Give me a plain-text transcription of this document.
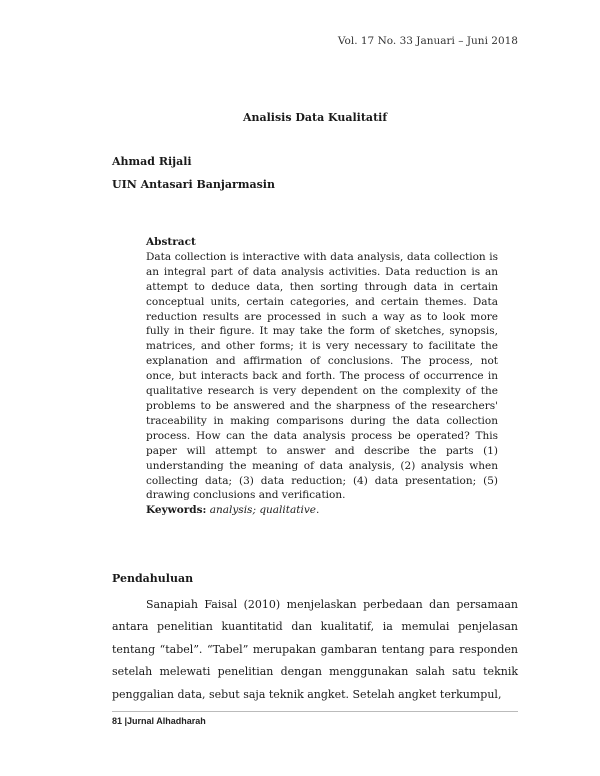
Vol. 17 No. 33 Januari – Juni 2018
Analisis Data Kualitatif
Ahmad Rijali
UIN Antasari Banjarmasin

Abstract

Data collection is interactive with data analysis, data collection is an integral part of data analysis activities. Data reduction is an attempt to deduce data, then sorting through data in certain conceptual units, certain categories, and certain themes. Data reduction results are processed in such a way as to look more fully in their figure. It may take the form of sketches, synopsis, matrices, and other forms; it is very necessary to facilitate the explanation and affirmation of conclusions. The process, not once, but interacts back and forth. The process of occurrence in qualitative research is very dependent on the complexity of the problems to be answered and the sharpness of the researchers' traceability in making comparisons during the data collection process. How can the data analysis process be operated? This paper will attempt to answer and describe the parts (1) understanding the meaning of data analysis, (2) analysis when collecting data; (3) data reduction; (4) data presentation; (5) drawing conclusions and verification.

Keywords: analysis; qualitative.

Pendahuluan

Sanapiah Faisal (2010) menjelaskan perbedaan dan persamaan antara penelitian kuantitatid dan kualitatif, ia memulai penjelasan tentang “tabel”. “Tabel” merupakan gambaran tentang para responden setelah melewati penelitian dengan menggunakan salah satu teknik penggalian data, sebut saja teknik angket. Setelah angket terkumpul,

81 |Jurnal Alhadharah
